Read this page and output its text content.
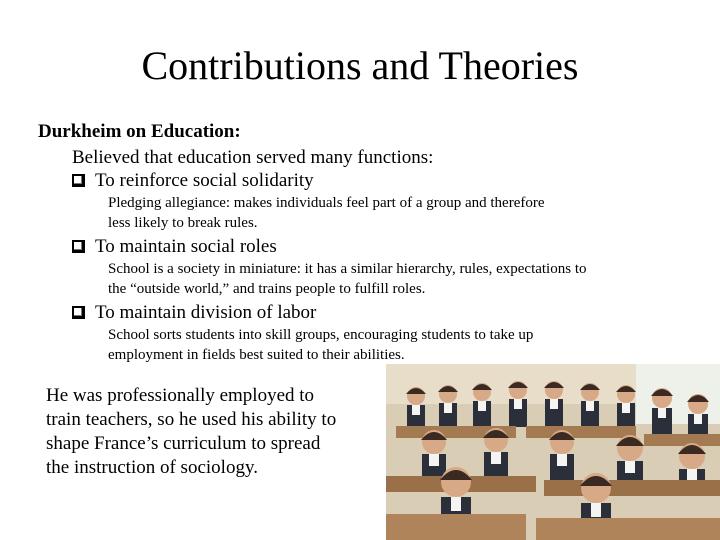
Contributions and Theories
Durkheim on Education:
Believed that education served many functions:
To reinforce social solidarity
Pledging allegiance: makes individuals feel part of a group and therefore
less likely to break rules.
To maintain social roles
School is a society in miniature: it has a similar hierarchy, rules, expectations to
the “outside world,” and trains people to fulfill roles.
To maintain division of labor
School sorts students into skill groups, encouraging students to take up
employment in fields best suited to their abilities.
He was professionally employed to
train teachers, so he used his ability to
shape France’s curriculum to spread
the instruction of sociology.
